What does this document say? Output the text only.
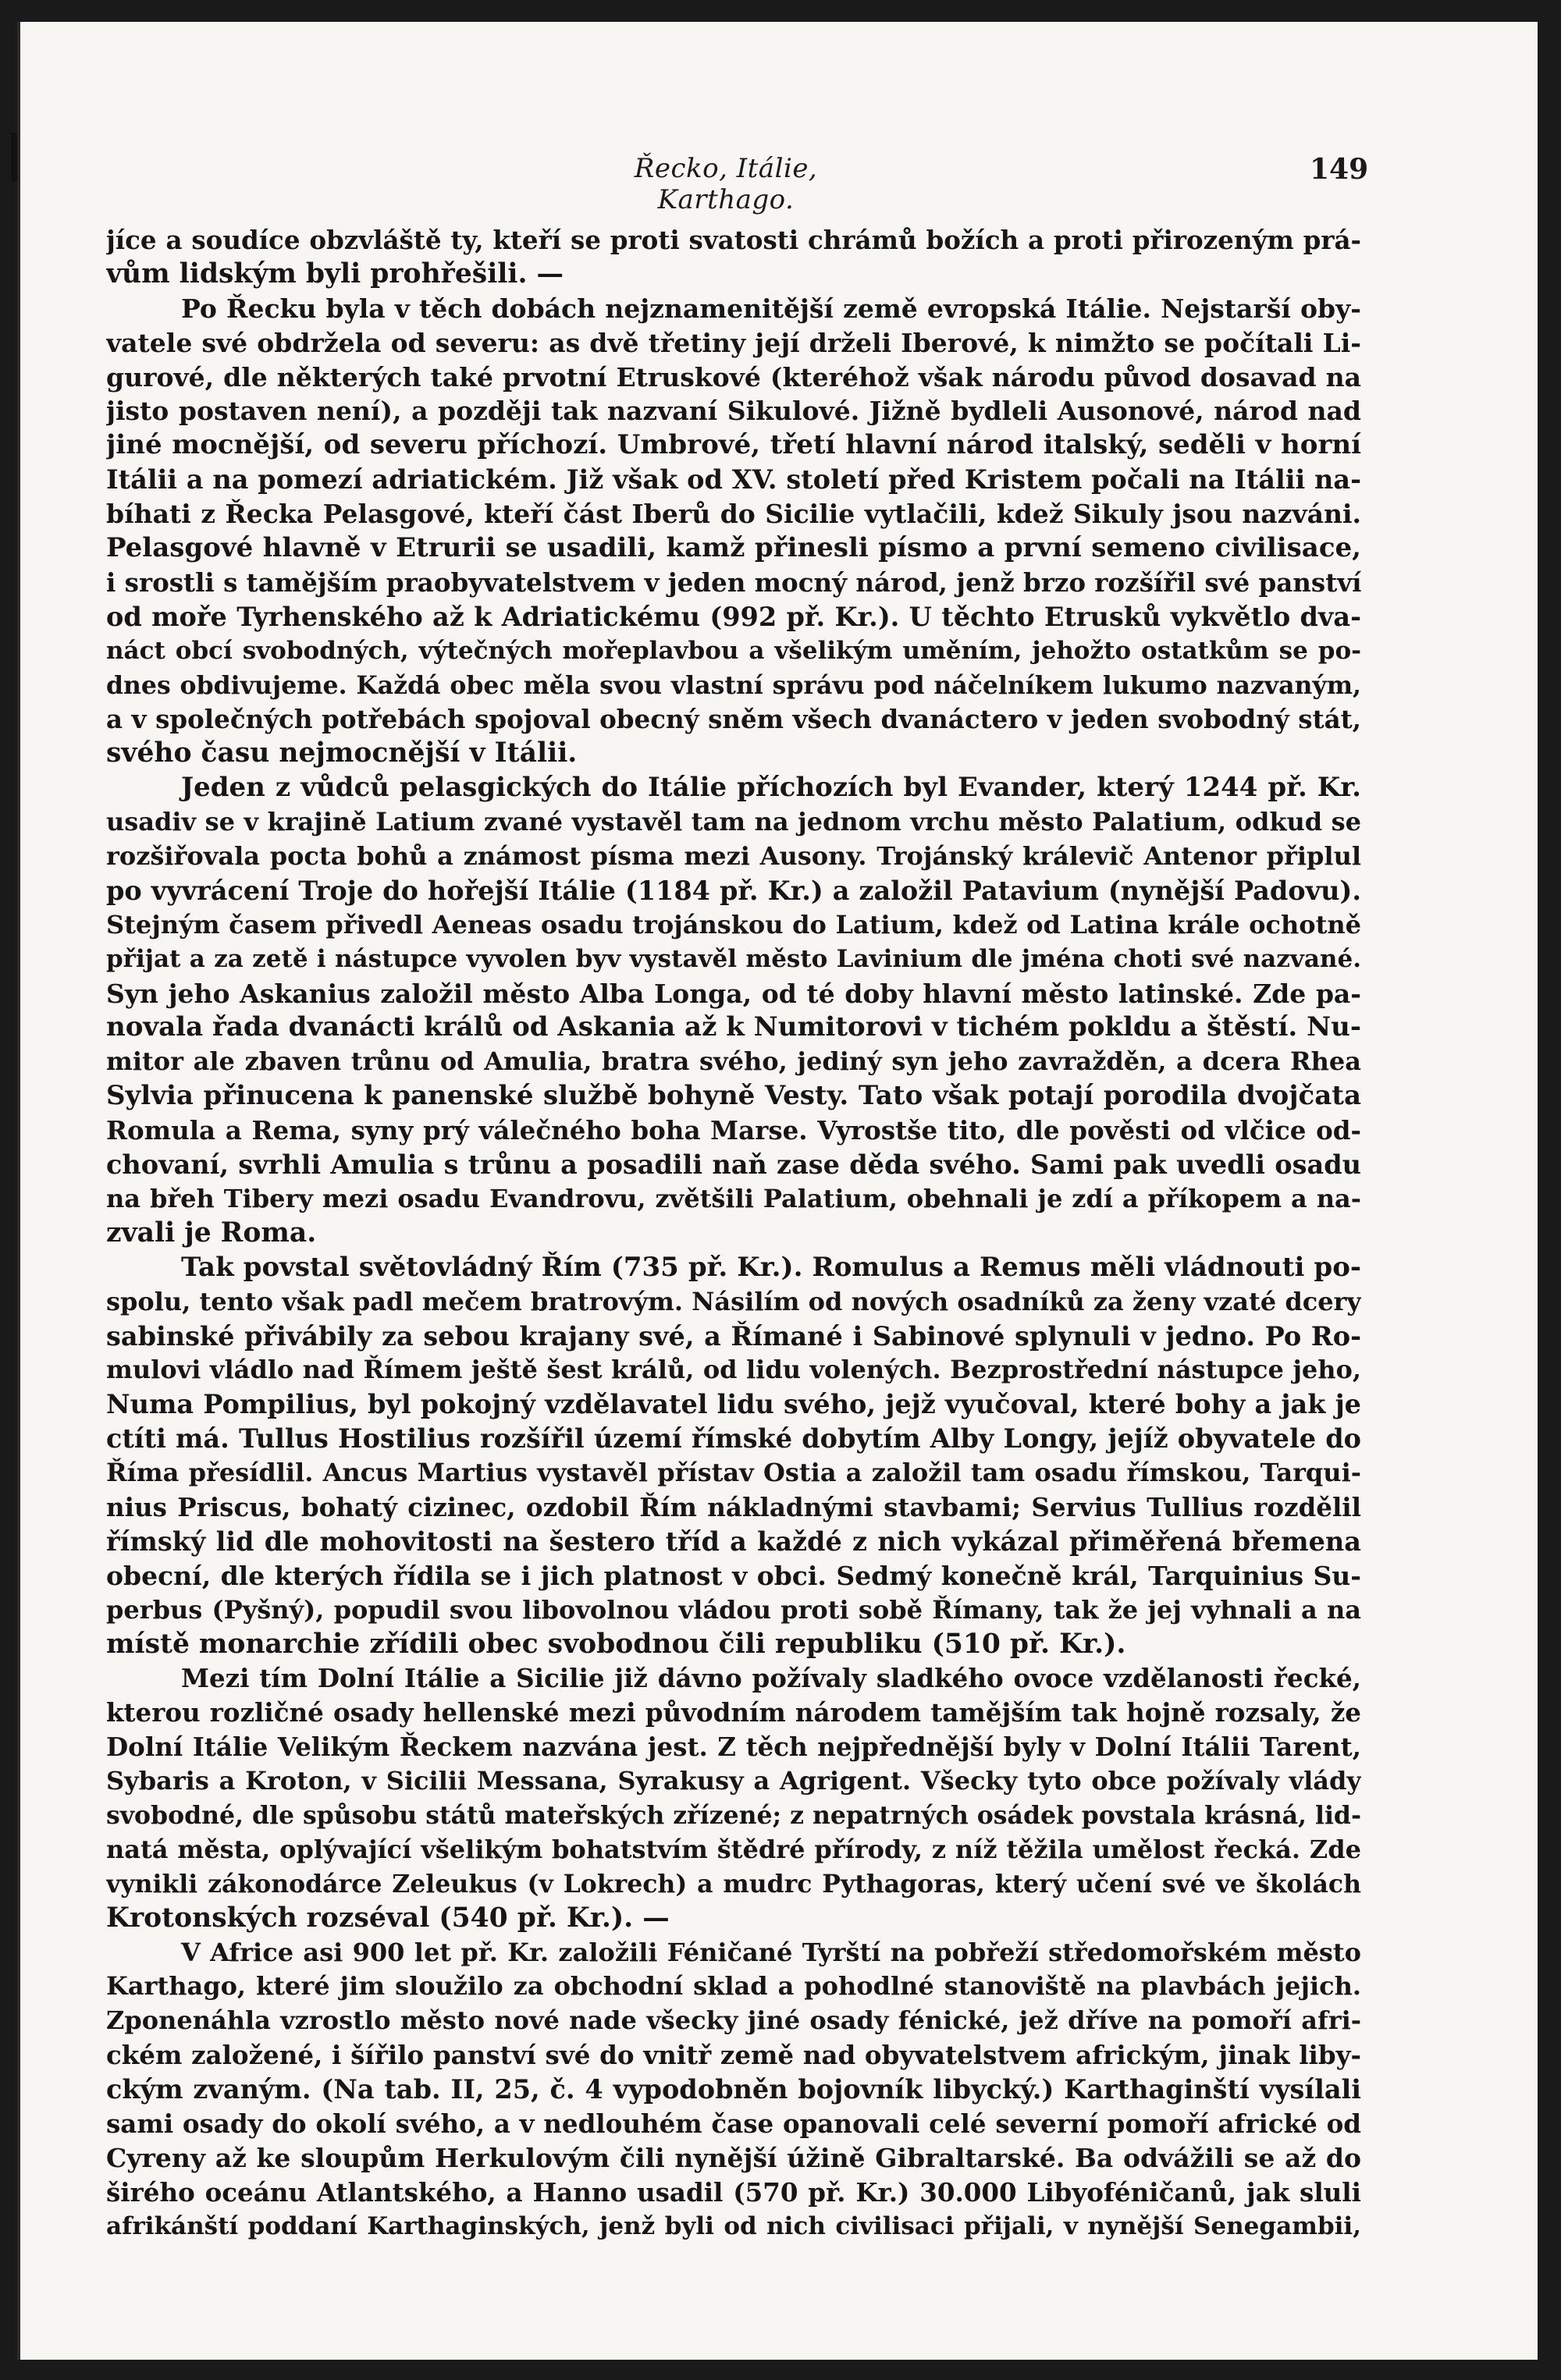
Řecko, Itálie, Karthago.
149
jíce a soudíce obzvláště ty, kteří se proti svatosti chrámů božích a proti přirozeným prá-
vům lidským byli prohřešili. —
Po Řecku byla v těch dobách nejznamenitější země evropská Itálie. Nejstarší oby-
vatele své obdržela od severu: as dvě třetiny její drželi Iberové, k nimžto se počítali Li-
gurové, dle některých také prvotní Etruskové (kteréhož však národu původ dosavad na
jisto postaven není), a později tak nazvaní Sikulové. Jižně bydleli Ausonové, národ nad
jiné mocnější, od severu příchozí. Umbrové, třetí hlavní národ italský, seděli v horní
Itálii a na pomezí adriatickém. Již však od XV. století před Kristem počali na Itálii na-
bíhati z Řecka Pelasgové, kteří část Iberů do Sicilie vytlačili, kdež Sikuly jsou nazváni.
Pelasgové hlavně v Etrurii se usadili, kamž přinesli písmo a první semeno civilisace,
i srostli s tamějším praobyvatelstvem v jeden mocný národ, jenž brzo rozšířil své panství
od moře Tyrhenského až k Adriatickému (992 př. Kr.). U těchto Etrusků vykvětlo dva-
náct obcí svobodných, výtečných mořeplavbou a všelikým uměním, jehožto ostatkům se po-
dnes obdivujeme. Každá obec měla svou vlastní správu pod náčelníkem lukumo nazvaným,
a v společných potřebách spojoval obecný sněm všech dvanáctero v jeden svobodný stát,
svého času nejmocnější v Itálii.
Jeden z vůdců pelasgických do Itálie příchozích byl Evander, který 1244 př. Kr.
usadiv se v krajině Latium zvané vystavěl tam na jednom vrchu město Palatium, odkud se
rozšiřovala pocta bohů a známost písma mezi Ausony. Trojánský králevič Antenor připlul
po vyvrácení Troje do hořejší Itálie (1184 př. Kr.) a založil Patavium (nynější Padovu).
Stejným časem přivedl Aeneas osadu trojánskou do Latium, kdež od Latina krále ochotně
přijat a za zetě i nástupce vyvolen byv vystavěl město Lavinium dle jména choti své nazvané.
Syn jeho Askanius založil město Alba Longa, od té doby hlavní město latinské. Zde pa-
novala řada dvanácti králů od Askania až k Numitorovi v tichém pokldu a štěstí. Nu-
mitor ale zbaven trůnu od Amulia, bratra svého, jediný syn jeho zavražděn, a dcera Rhea
Sylvia přinucena k panenské službě bohyně Vesty. Tato však potají porodila dvojčata
Romula a Rema, syny prý válečného boha Marse. Vyrostše tito, dle pověsti od vlčice od-
chovaní, svrhli Amulia s trůnu a posadili naň zase děda svého. Sami pak uvedli osadu
na břeh Tibery mezi osadu Evandrovu, zvětšili Palatium, obehnali je zdí a příkopem a na-
zvali je Roma.
Tak povstal světovládný Řím (735 př. Kr.). Romulus a Remus měli vládnouti po-
spolu, tento však padl mečem bratrovým. Násilím od nových osadníků za ženy vzaté dcery
sabinské přivábily za sebou krajany své, a Římané i Sabinové splynuli v jedno. Po Ro-
mulovi vládlo nad Římem ještě šest králů, od lidu volených. Bezprostřední nástupce jeho,
Numa Pompilius, byl pokojný vzdělavatel lidu svého, jejž vyučoval, které bohy a jak je
ctíti má. Tullus Hostilius rozšířil území římské dobytím Alby Longy, jejíž obyvatele do
Říma přesídlil. Ancus Martius vystavěl přístav Ostia a založil tam osadu římskou, Tarqui-
nius Priscus, bohatý cizinec, ozdobil Řím nákladnými stavbami; Servius Tullius rozdělil
římský lid dle mohovitosti na šestero tříd a každé z nich vykázal přiměřená břemena
obecní, dle kterých řídila se i jich platnost v obci. Sedmý konečně král, Tarquinius Su-
perbus (Pyšný), popudil svou libovolnou vládou proti sobě Římany, tak že jej vyhnali a na
místě monarchie zřídili obec svobodnou čili republiku (510 př. Kr.).
Mezi tím Dolní Itálie a Sicilie již dávno požívaly sladkého ovoce vzdělanosti řecké,
kterou rozličné osady hellenské mezi původním národem tamějším tak hojně rozsaly, že
Dolní Itálie Velikým Řeckem nazvána jest. Z těch nejpřednější byly v Dolní Itálii Tarent,
Sybaris a Kroton, v Sicilii Messana, Syrakusy a Agrigent. Všecky tyto obce požívaly vlády
svobodné, dle spůsobu států mateřských zřízené; z nepatrných osádek povstala krásná, lid-
natá města, oplývající všelikým bohatstvím štědré přírody, z níž těžila umělost řecká. Zde
vynikli zákonodárce Zeleukus (v Lokrech) a mudrc Pythagoras, který učení své ve školách
Krotonských rozséval (540 př. Kr.). —
V Africe asi 900 let př. Kr. založili Féničané Tyrští na pobřeží středomořském město
Karthago, které jim sloužilo za obchodní sklad a pohodlné stanoviště na plavbách jejich.
Zponenáhla vzrostlo město nové nade všecky jiné osady fénické, jež dříve na pomoří afri-
ckém založené, i šířilo panství své do vnitř země nad obyvatelstvem africkým, jinak liby-
ckým zvaným. (Na tab. II, 25, č. 4 vypodobněn bojovník libycký.) Karthaginští vysílali
sami osady do okolí svého, a v nedlouhém čase opanovali celé severní pomoří africké od
Cyreny až ke sloupům Herkulovým čili nynější úžině Gibraltarské. Ba odvážili se až do
širého oceánu Atlantského, a Hanno usadil (570 př. Kr.) 30.000 Libyoféničanů, jak sluli
afrikánští poddaní Karthaginských, jenž byli od nich civilisaci přijali, v nynější Senegambii,
